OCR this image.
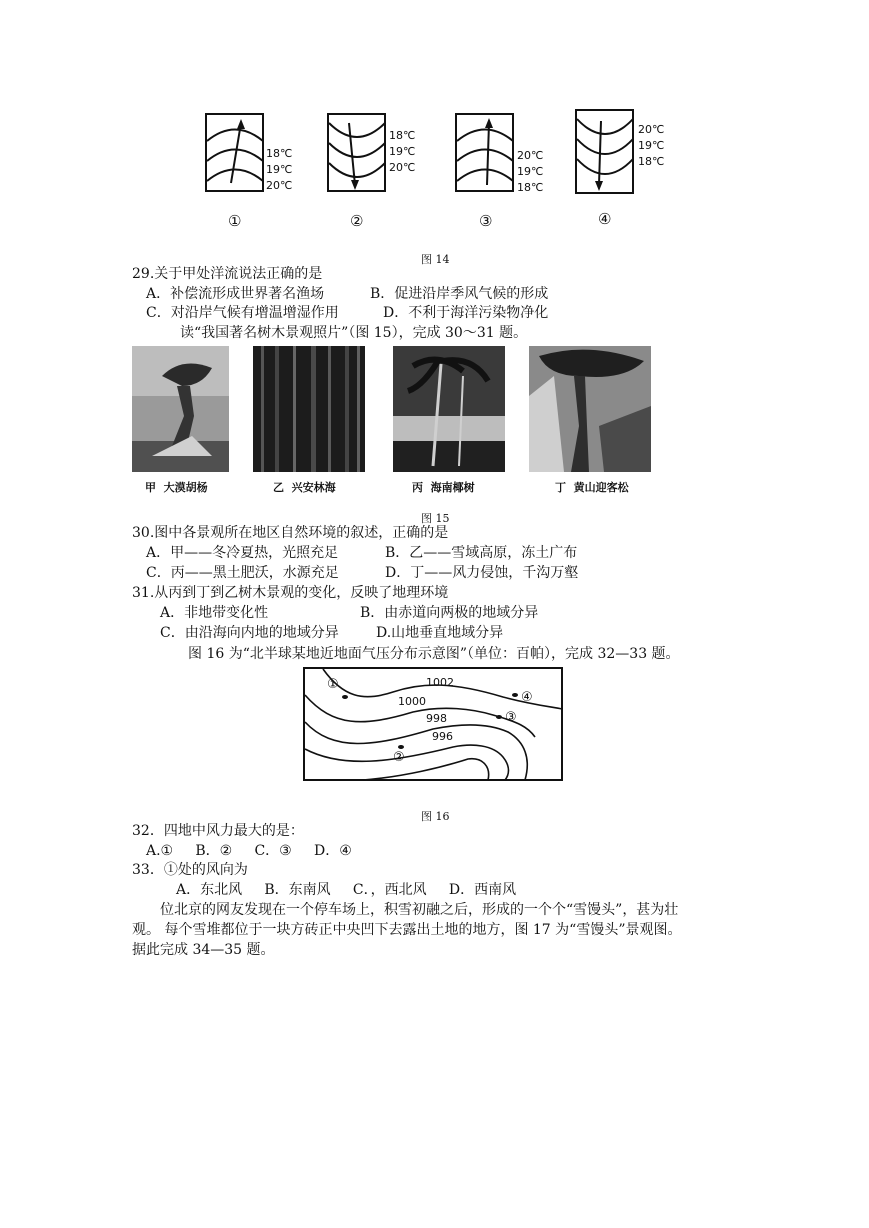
18℃
19℃
20℃
①
18℃
19℃
20℃
②
20℃
19℃
18℃
③
20℃
19℃
18℃
④
图 14
29.关于甲处洋流说法正确的是
A．补偿流形成世界著名渔场	B．促进沿岸季风气候的形成
C．对沿岸气候有增温增湿作用	D．不利于海洋污染物净化
读“我国著名树木景观照片”（图 15），完成 30～31 题。
甲  大漠胡杨	乙  兴安林海	丙  海南椰树	丁  黄山迎客松
图 15
30.图中各景观所在地区自然环境的叙述，正确的是
A．甲——冬冷夏热，光照充足	B．乙——雪域高原，冻土广布
C．丙——黑土肥沃，水源充足	D．丁——风力侵蚀，千沟万壑
31.从丙到丁到乙树木景观的变化，反映了地理环境
A．非地带变化性	B．由赤道向两极的地域分异
C．由沿海向内地的地域分异	D.山地垂直地域分异
图 16 为“北半球某地近地面气压分布示意图”（单位：百帕），完成 32—33 题。
1002
1000
998
996
①
②
③
④
图 16
32．四地中风力最大的是：
A.①     B．②     C．③     D．④
33．①处的风向为
A．东北风     B．东南风     C．，西北风     D．西南风
位北京的网友发现在一个停车场上，积雪初融之后，形成的一个个“雪馒头”，甚为壮
观。 每个雪堆都位于一块方砖正中央凹下去露出土地的地方，图 17 为“雪馒头”景观图。
据此完成 34—35 题。
